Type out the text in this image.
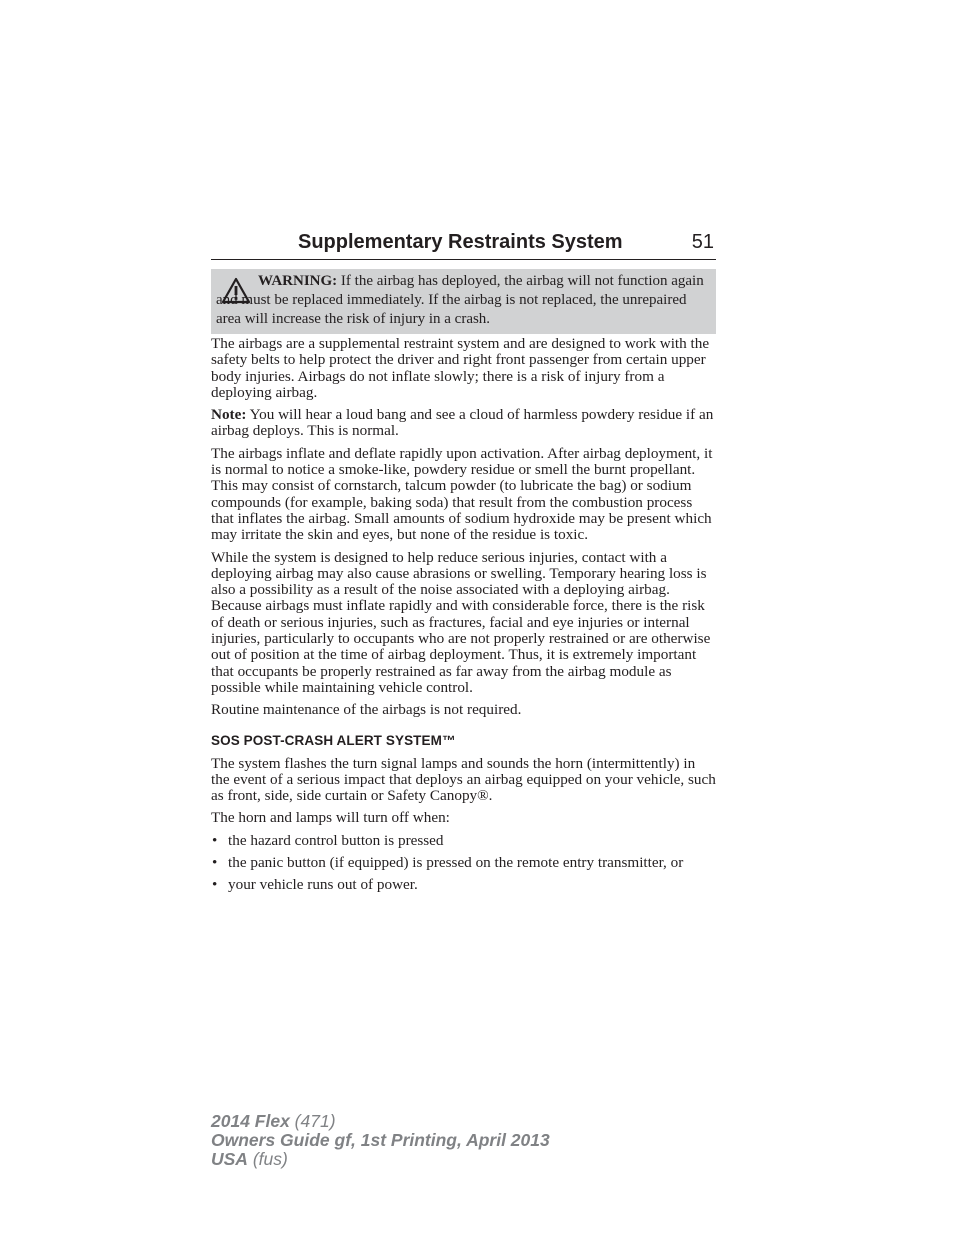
Supplementary Restraints System	51

WARNING: If the airbag has deployed, the airbag will not function again and must be replaced immediately. If the airbag is not replaced, the unrepaired area will increase the risk of injury in a crash.

The airbags are a supplemental restraint system and are designed to work with the safety belts to help protect the driver and right front passenger from certain upper body injuries. Airbags do not inflate slowly; there is a risk of injury from a deploying airbag.

Note: You will hear a loud bang and see a cloud of harmless powdery residue if an airbag deploys. This is normal.

The airbags inflate and deflate rapidly upon activation. After airbag deployment, it is normal to notice a smoke-like, powdery residue or smell the burnt propellant. This may consist of cornstarch, talcum powder (to lubricate the bag) or sodium compounds (for example, baking soda) that result from the combustion process that inflates the airbag. Small amounts of sodium hydroxide may be present which may irritate the skin and eyes, but none of the residue is toxic.

While the system is designed to help reduce serious injuries, contact with a deploying airbag may also cause abrasions or swelling. Temporary hearing loss is also a possibility as a result of the noise associated with a deploying airbag. Because airbags must inflate rapidly and with considerable force, there is the risk of death or serious injuries, such as fractures, facial and eye injuries or internal injuries, particularly to occupants who are not properly restrained or are otherwise out of position at the time of airbag deployment. Thus, it is extremely important that occupants be properly restrained as far away from the airbag module as possible while maintaining vehicle control.

Routine maintenance of the airbags is not required.

SOS POST-CRASH ALERT SYSTEM™

The system flashes the turn signal lamps and sounds the horn (intermittently) in the event of a serious impact that deploys an airbag equipped on your vehicle, such as front, side, side curtain or Safety Canopy®.

The horn and lamps will turn off when:

• the hazard control button is pressed
• the panic button (if equipped) is pressed on the remote entry transmitter, or
• your vehicle runs out of power.
2014 Flex (471)
Owners Guide gf, 1st Printing, April 2013
USA (fus)
